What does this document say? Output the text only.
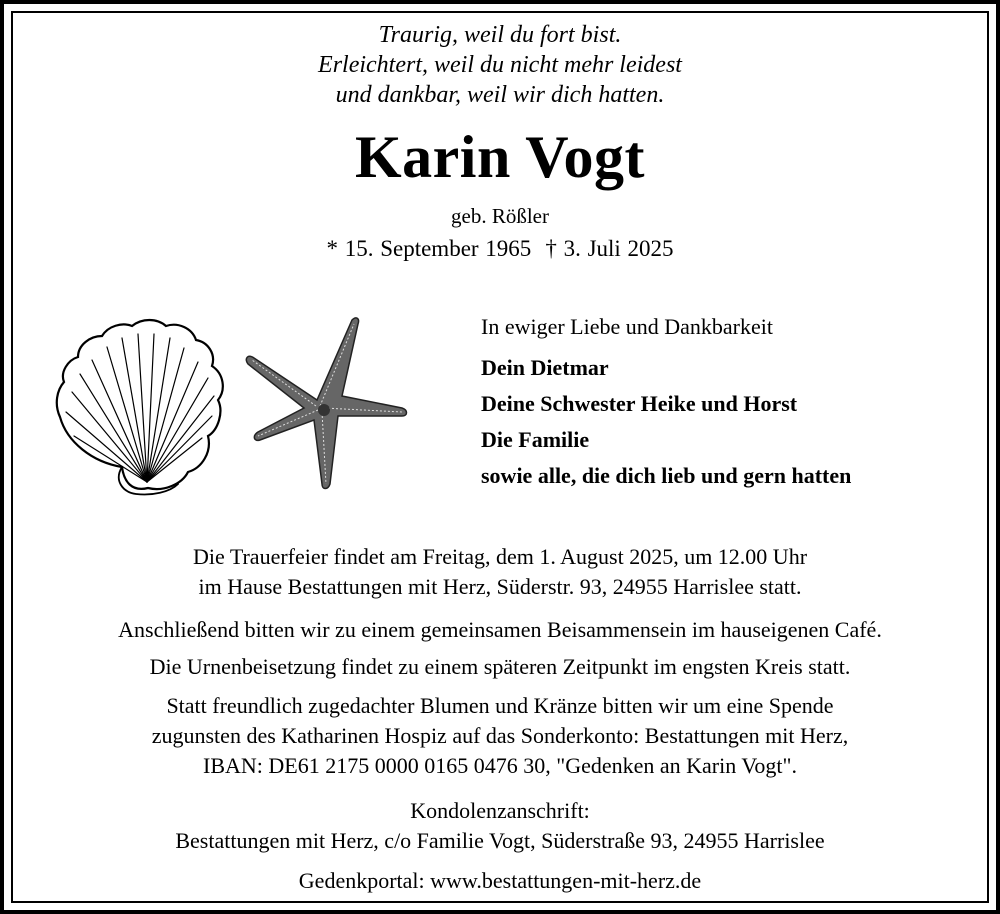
Traurig, weil du fort bist.
Erleichtert, weil du nicht mehr leidest
und dankbar, weil wir dich hatten.
Karin Vogt
geb. Rößler
* 15. September 1965 † 3. Juli 2025
In ewiger Liebe und Dankbarkeit
Dein Dietmar
Deine Schwester Heike und Horst
Die Familie
sowie alle, die dich lieb und gern hatten
Die Trauerfeier findet am Freitag, dem 1. August 2025, um 12.00 Uhr
im Hause Bestattungen mit Herz, Süderstr. 93, 24955 Harrislee statt.
Anschließend bitten wir zu einem gemeinsamen Beisammensein im hauseigenen Café.
Die Urnenbeisetzung findet zu einem späteren Zeitpunkt im engsten Kreis statt.
Statt freundlich zugedachter Blumen und Kränze bitten wir um eine Spende
zugunsten des Katharinen Hospiz auf das Sonderkonto: Bestattungen mit Herz,
IBAN: DE61 2175 0000 0165 0476 30, "Gedenken an Karin Vogt".
Kondolenzanschrift:
Bestattungen mit Herz, c/o Familie Vogt, Süderstraße 93, 24955 Harrislee
Gedenkportal: www.bestattungen-mit-herz.de
